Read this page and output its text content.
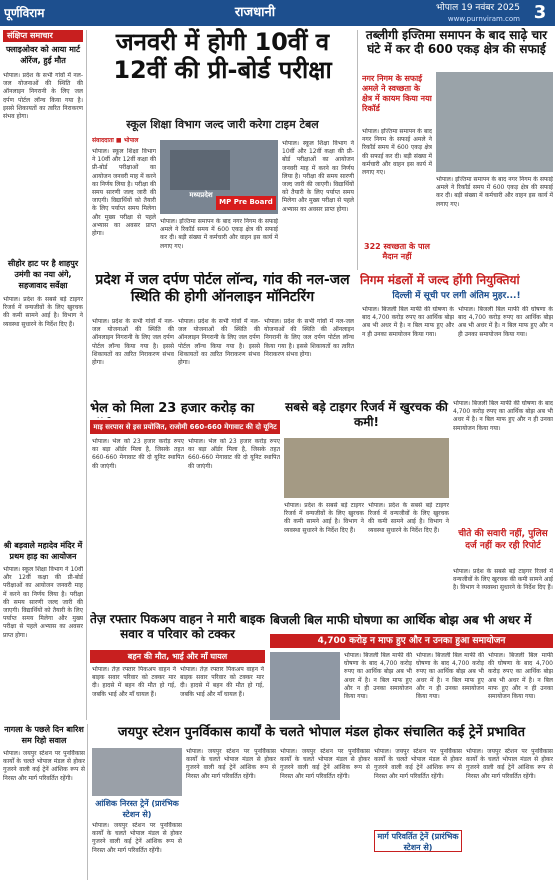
पूर्णविराम	राजधानी	भोपाल 19 नवंबर 2025
www.purnviram.com 3
संक्षिप्त समाचार
फ्लाइओवर को आया मार्ट ऑरेंज, हुई मौत
भोपाल। प्रदेश के सभी गांवों में नल-जल योजनाओं की स्थिति की ऑनलाइन निगरानी के लिए जल दर्पण पोर्टल लॉन्च किया गया है। इससे शिकायतों का त्वरित निराकरण संभव होगा।
सीहोर हाट पर है शाहपुर उमंगी का नया अंगे, सहजावाद सर्वेक्षा
भोपाल। प्रदेश के सबसे बड़े टाइगर रिजर्व में वन्यजीवों के लिए खुरचक की कमी सामने आई है। विभाग ने व्यवस्था सुधारने के निर्देश दिए हैं।
श्री बड़वाले महादेव मंदिर में प्रथम हाड़ का आयोजन
भोपाल। स्कूल शिक्षा विभाग ने 10वीं और 12वीं कक्षा की प्री-बोर्ड परीक्षाओं का आयोजन जनवरी माह में करने का निर्णय लिया है। परीक्षा की समय सारणी जल्द जारी की जाएगी। विद्यार्थियों को तैयारी के लिए पर्याप्त समय मिलेगा और मुख्य परीक्षा से पहले अभ्यास का अवसर प्राप्त होगा।
जनवरी में होगी 10वीं व 12वीं की प्री-बोर्ड परीक्षा
स्कूल शिक्षा विभाग जल्द जारी करेगा टाइम टेबल
संवाददाता ■ भोपाल
भोपाल। स्कूल शिक्षा विभाग ने 10वीं और 12वीं कक्षा की प्री-बोर्ड परीक्षाओं का आयोजन जनवरी माह में करने का निर्णय लिया है। परीक्षा की समय सारणी जल्द जारी की जाएगी। विद्यार्थियों को तैयारी के लिए पर्याप्त समय मिलेगा और मुख्य परीक्षा से पहले अभ्यास का अवसर प्राप्त होगा।
मध्यप्रदेश
MP Pre Board
भोपाल। इज्तिमा समापन के बाद नगर निगम के सफाई अमले ने रिकॉर्ड समय में 600 एकड़ क्षेत्र की सफाई कर दी। बड़ी संख्या में कर्मचारी और वाहन इस कार्य में लगाए गए।
भोपाल। स्कूल शिक्षा विभाग ने 10वीं और 12वीं कक्षा की प्री-बोर्ड परीक्षाओं का आयोजन जनवरी माह में करने का निर्णय लिया है। परीक्षा की समय सारणी जल्द जारी की जाएगी। विद्यार्थियों को तैयारी के लिए पर्याप्त समय मिलेगा और मुख्य परीक्षा से पहले अभ्यास का अवसर प्राप्त होगा।
तब्लीगी इज्तिमा समापन के बाद साढ़े चार घंटे में कर दी 600 एकड़ क्षेत्र की सफाई
नगर निगम के सफाई अमले ने स्वच्छता के क्षेत्र में कायम किया नया रिकॉर्ड
भोपाल। इज्तिमा समापन के बाद नगर निगम के सफाई अमले ने रिकॉर्ड समय में 600 एकड़ क्षेत्र की सफाई कर दी। बड़ी संख्या में कर्मचारी और वाहन इस कार्य में लगाए गए।
भोपाल। इज्तिमा समापन के बाद नगर निगम के सफाई अमले ने रिकॉर्ड समय में 600 एकड़ क्षेत्र की सफाई कर दी। बड़ी संख्या में कर्मचारी और वाहन इस कार्य में लगाए गए।
322 स्वच्छता के पाल मैदान नहीं
प्रदेश में जल दर्पण पोर्टल लॉन्च, गांव की नल-जल स्थिति की होगी ऑनलाइन मॉनिटरिंग
भोपाल। प्रदेश के सभी गांवों में नल-जल योजनाओं की स्थिति की ऑनलाइन निगरानी के लिए जल दर्पण पोर्टल लॉन्च किया गया है। इससे शिकायतों का त्वरित निराकरण संभव होगा।
भोपाल। प्रदेश के सभी गांवों में नल-जल योजनाओं की स्थिति की ऑनलाइन निगरानी के लिए जल दर्पण पोर्टल लॉन्च किया गया है। इससे शिकायतों का त्वरित निराकरण संभव होगा।
भोपाल। प्रदेश के सभी गांवों में नल-जल योजनाओं की स्थिति की ऑनलाइन निगरानी के लिए जल दर्पण पोर्टल लॉन्च किया गया है। इससे शिकायतों का त्वरित निराकरण संभव होगा।
निगम मंडलों में जल्द होंगी नियुक्तियां
दिल्ली में सूची पर लगी अंतिम मुहर...!
भोपाल। बिजली बिल माफी की घोषणा के बाद 4,700 करोड़ रुपए का आर्थिक बोझ अब भी अधर में है। न बिल माफ हुए और न ही उनका समायोजन किया गया।
भोपाल। बिजली बिल माफी की घोषणा के बाद 4,700 करोड़ रुपए का आर्थिक बोझ अब भी अधर में है। न बिल माफ हुए और न ही उनका समायोजन किया गया।
भेल को मिला 23 हजार करोड़ का
माइ सरपास से इस प्रयोजित, राजोमी 660-660 मेगावाट की दो यूनिट
भोपाल। भेल को 23 हजार करोड़ रुपए का बड़ा ऑर्डर मिला है, जिसके तहत 660-660 मेगावाट की दो यूनिट स्थापित की जाएंगी।
भोपाल। भेल को 23 हजार करोड़ रुपए का बड़ा ऑर्डर मिला है, जिसके तहत 660-660 मेगावाट की दो यूनिट स्थापित की जाएंगी।
सबसे बड़े टाइगर रिजर्व में खुरचक की कमी!
भोपाल। प्रदेश के सबसे बड़े टाइगर रिजर्व में वन्यजीवों के लिए खुरचक की कमी सामने आई है। विभाग ने व्यवस्था सुधारने के निर्देश दिए हैं।
भोपाल। प्रदेश के सबसे बड़े टाइगर रिजर्व में वन्यजीवों के लिए खुरचक की कमी सामने आई है। विभाग ने व्यवस्था सुधारने के निर्देश दिए हैं।
भोपाल। बिजली बिल माफी की घोषणा के बाद 4,700 करोड़ रुपए का आर्थिक बोझ अब भी अधर में है। न बिल माफ हुए और न ही उनका समायोजन किया गया।
चीते की सवारी नहीं, पुलिस दर्ज नहीं कर रही रिपोर्ट
भोपाल। प्रदेश के सबसे बड़े टाइगर रिजर्व में वन्यजीवों के लिए खुरचक की कमी सामने आई है। विभाग ने व्यवस्था सुधारने के निर्देश दिए हैं।
तेज़ रफ्तार पिकअप वाहन ने मारी बाइक सवार व परिवार को टक्कर
बहन की मौत, भाई और माँ घायल
भोपाल। तेज़ रफ्तार पिकअप वाहन ने बाइक सवार परिवार को टक्कर मार दी। हादसे में बहन की मौत हो गई, जबकि भाई और माँ घायल हैं।
भोपाल। तेज़ रफ्तार पिकअप वाहन ने बाइक सवार परिवार को टक्कर मार दी। हादसे में बहन की मौत हो गई, जबकि भाई और माँ घायल हैं।
बिजली बिल माफी घोषणा का आर्थिक बोझ अब भी अधर में
4,700 करोड़ न माफ हुए और न उनका हुआ समायोजन
भोपाल। बिजली बिल माफी की घोषणा के बाद 4,700 करोड़ रुपए का आर्थिक बोझ अब भी अधर में है। न बिल माफ हुए और न ही उनका समायोजन किया गया।
भोपाल। बिजली बिल माफी की घोषणा के बाद 4,700 करोड़ रुपए का आर्थिक बोझ अब भी अधर में है। न बिल माफ हुए और न ही उनका समायोजन किया गया।
भोपाल। बिजली बिल माफी की घोषणा के बाद 4,700 करोड़ रुपए का आर्थिक बोझ अब भी अधर में है। न बिल माफ हुए और न ही उनका समायोजन किया गया।
नागला के पछले दिन बारिश सम रिहो सवाल
भोपाल। जयपुर स्टेशन पर पुनर्विकास कार्यों के चलते भोपाल मंडल से होकर गुजरने वाली कई ट्रेनें आंशिक रूप से निरस्त और मार्ग परिवर्तित रहेंगी।
जयपुर स्टेशन पुनर्विकास कार्यों के चलते भोपाल मंडल होकर संचालित कई ट्रेनें प्रभावित
आंशिक निरस्त ट्रेनें (प्रारंभिक स्टेशन से)
भोपाल। जयपुर स्टेशन पर पुनर्विकास कार्यों के चलते भोपाल मंडल से होकर गुजरने वाली कई ट्रेनें आंशिक रूप से निरस्त और मार्ग परिवर्तित रहेंगी।
भोपाल। जयपुर स्टेशन पर पुनर्विकास कार्यों के चलते भोपाल मंडल से होकर गुजरने वाली कई ट्रेनें आंशिक रूप से निरस्त और मार्ग परिवर्तित रहेंगी।
भोपाल। जयपुर स्टेशन पर पुनर्विकास कार्यों के चलते भोपाल मंडल से होकर गुजरने वाली कई ट्रेनें आंशिक रूप से निरस्त और मार्ग परिवर्तित रहेंगी।
भोपाल। जयपुर स्टेशन पर पुनर्विकास कार्यों के चलते भोपाल मंडल से होकर गुजरने वाली कई ट्रेनें आंशिक रूप से निरस्त और मार्ग परिवर्तित रहेंगी।
मार्ग परिवर्तित ट्रेनें (प्रारंभिक स्टेशन से)
भोपाल। जयपुर स्टेशन पर पुनर्विकास कार्यों के चलते भोपाल मंडल से होकर गुजरने वाली कई ट्रेनें आंशिक रूप से निरस्त और मार्ग परिवर्तित रहेंगी।
